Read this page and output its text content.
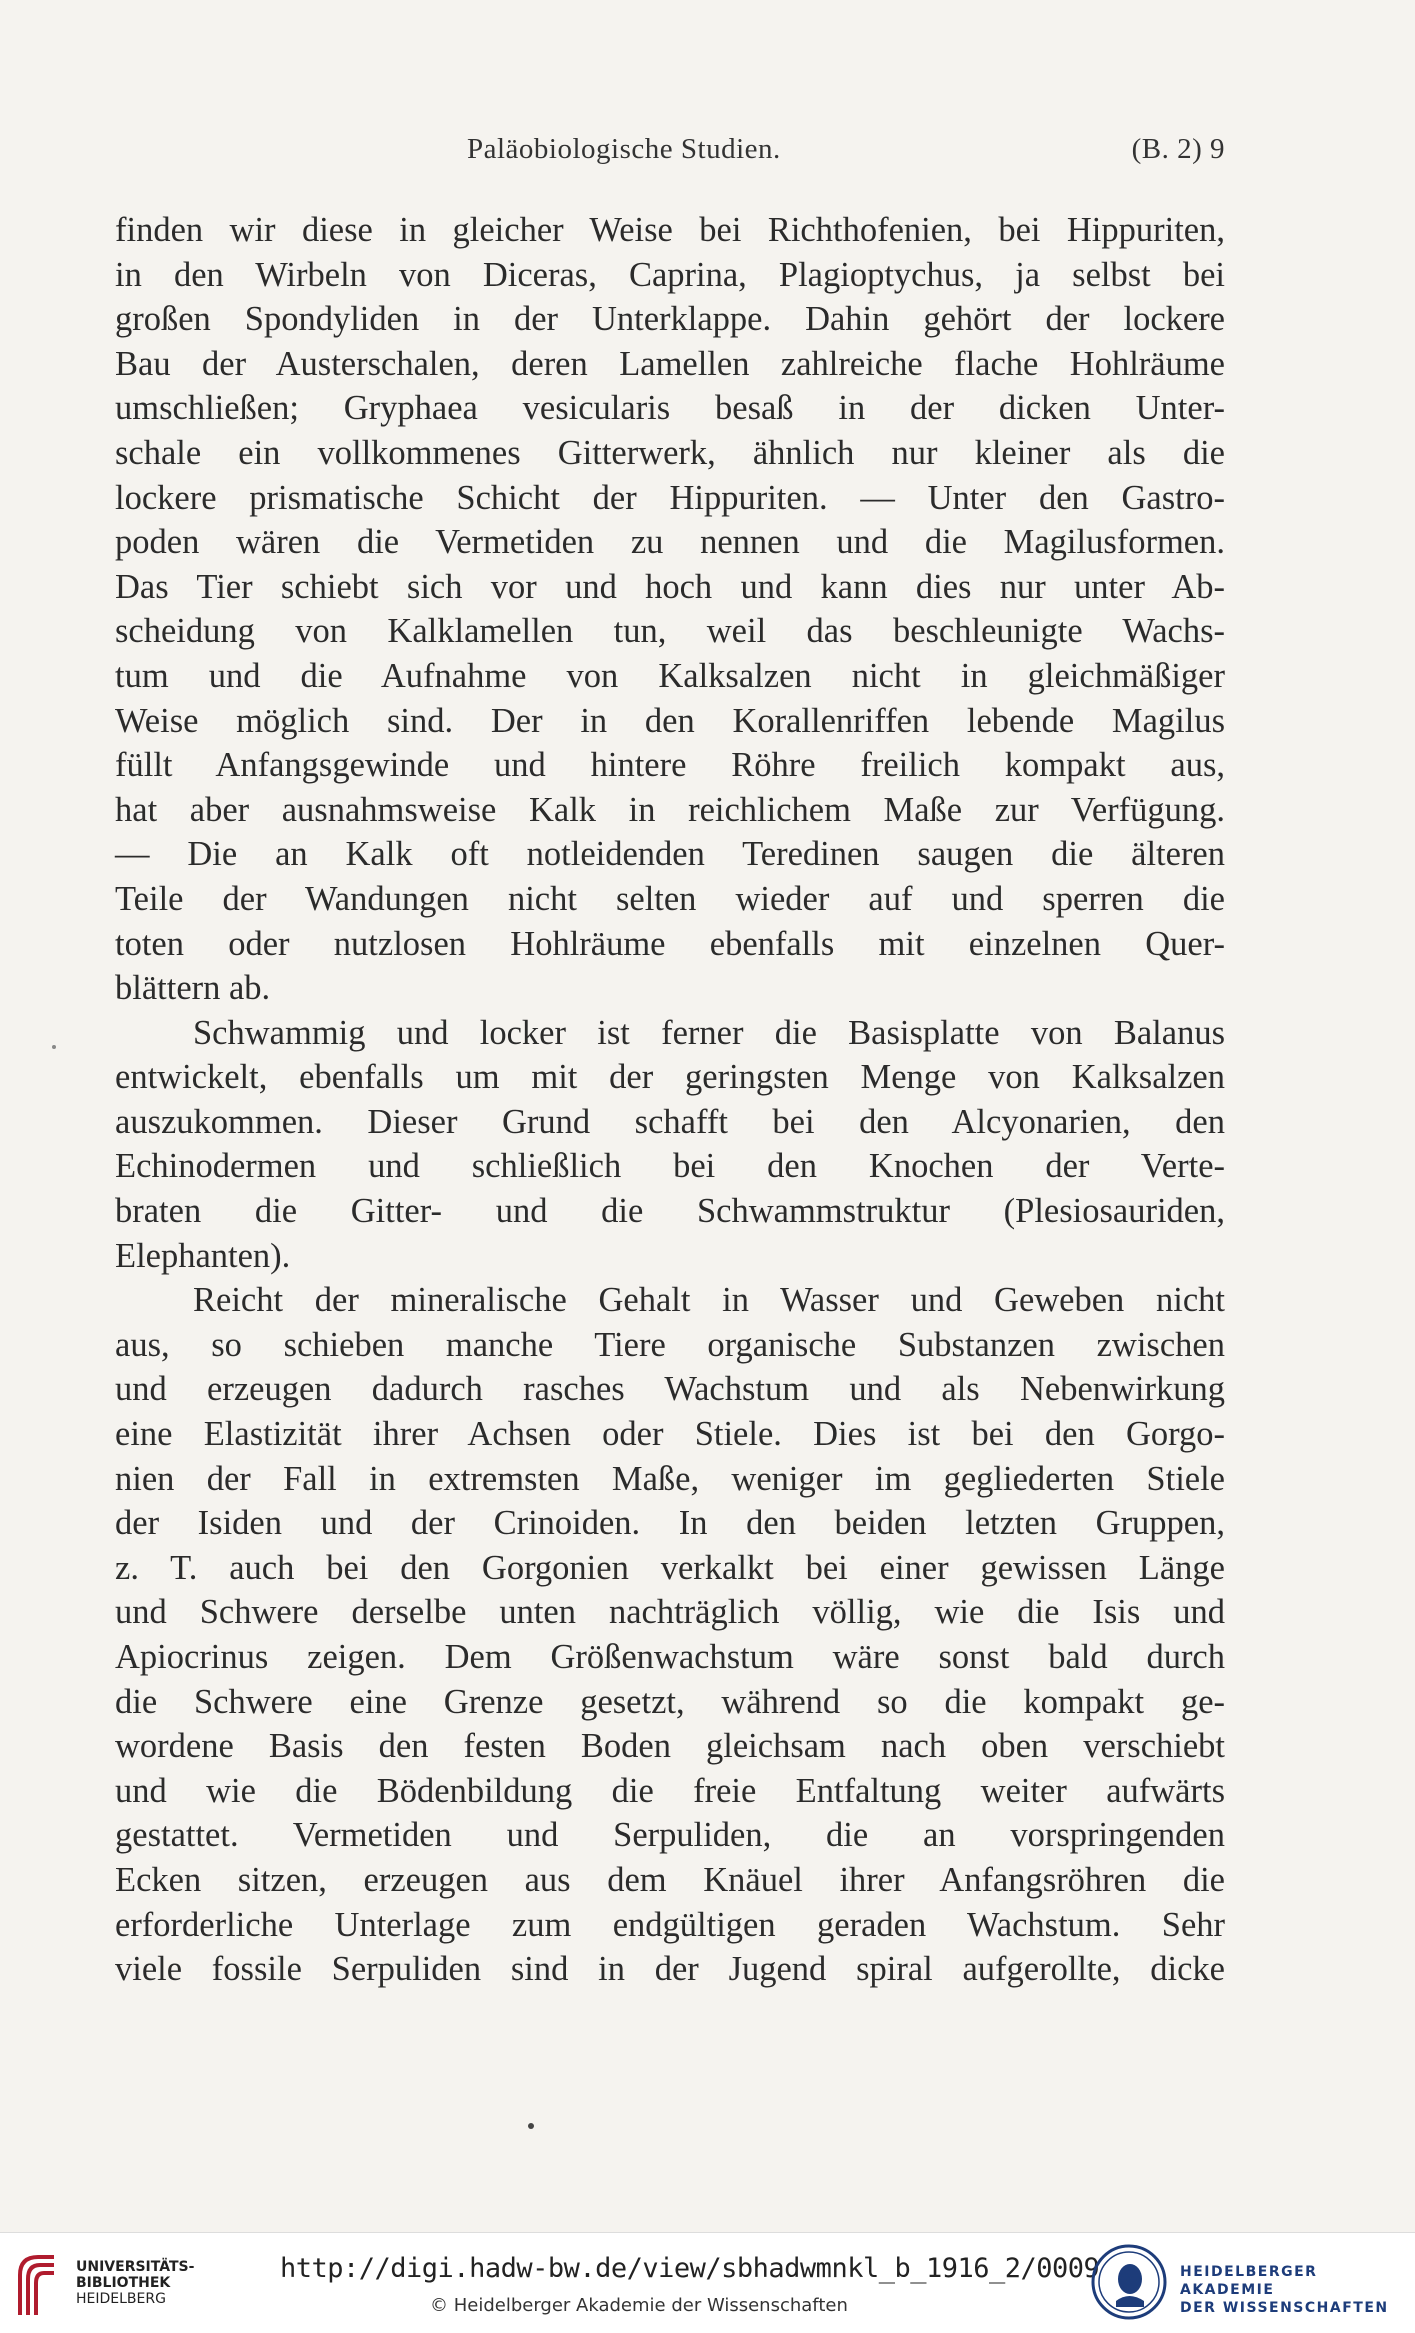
Paläobiologische Studien.	(B. 2) 9
finden wir diese in gleicher Weise bei Richthofenien, bei Hippuriten,
in den Wirbeln von Diceras, Caprina, Plagioptychus, ja selbst bei
großen Spondyliden in der Unterklappe. Dahin gehört der lockere
Bau der Austerschalen, deren Lamellen zahlreiche flache Hohlräume
umschließen; Gryphaea vesicularis besaß in der dicken Unter-
schale ein vollkommenes Gitterwerk, ähnlich nur kleiner als die
lockere prismatische Schicht der Hippuriten. — Unter den Gastro-
poden wären die Vermetiden zu nennen und die Magilusformen.
Das Tier schiebt sich vor und hoch und kann dies nur unter Ab-
scheidung von Kalklamellen tun, weil das beschleunigte Wachs-
tum und die Aufnahme von Kalksalzen nicht in gleichmäßiger
Weise möglich sind. Der in den Korallenriffen lebende Magilus
füllt Anfangsgewinde und hintere Röhre freilich kompakt aus,
hat aber ausnahmsweise Kalk in reichlichem Maße zur Verfügung.
— Die an Kalk oft notleidenden Teredinen saugen die älteren
Teile der Wandungen nicht selten wieder auf und sperren die
toten oder nutzlosen Hohlräume ebenfalls mit einzelnen Quer-
blättern ab.
Schwammig und locker ist ferner die Basisplatte von Balanus
entwickelt, ebenfalls um mit der geringsten Menge von Kalksalzen
auszukommen. Dieser Grund schafft bei den Alcyonarien, den
Echinodermen und schließlich bei den Knochen der Verte-
braten die Gitter- und die Schwammstruktur (Plesiosauriden,
Elephanten).
Reicht der mineralische Gehalt in Wasser und Geweben nicht
aus, so schieben manche Tiere organische Substanzen zwischen
und erzeugen dadurch rasches Wachstum und als Nebenwirkung
eine Elastizität ihrer Achsen oder Stiele. Dies ist bei den Gorgo-
nien der Fall in extremsten Maße, weniger im gegliederten Stiele
der Isiden und der Crinoiden. In den beiden letzten Gruppen,
z. T. auch bei den Gorgonien verkalkt bei einer gewissen Länge
und Schwere derselbe unten nachträglich völlig, wie die Isis und
Apiocrinus zeigen. Dem Größenwachstum wäre sonst bald durch
die Schwere eine Grenze gesetzt, während so die kompakt ge-
wordene Basis den festen Boden gleichsam nach oben verschiebt
und wie die Bödenbildung die freie Entfaltung weiter aufwärts
gestattet. Vermetiden und Serpuliden, die an vorspringenden
Ecken sitzen, erzeugen aus dem Knäuel ihrer Anfangsröhren die
erforderliche Unterlage zum endgültigen geraden Wachstum. Sehr
viele fossile Serpuliden sind in der Jugend spiral aufgerollte, dicke
UNIVERSITÄTS-
BIBLIOTHEK
HEIDELBERG
http://digi.hadw-bw.de/view/sbhadwmnkl_b_1916_2/0009
© Heidelberger Akademie der Wissenschaften
HEIDELBERGER AKADEMIE
DER WISSENSCHAFTEN
